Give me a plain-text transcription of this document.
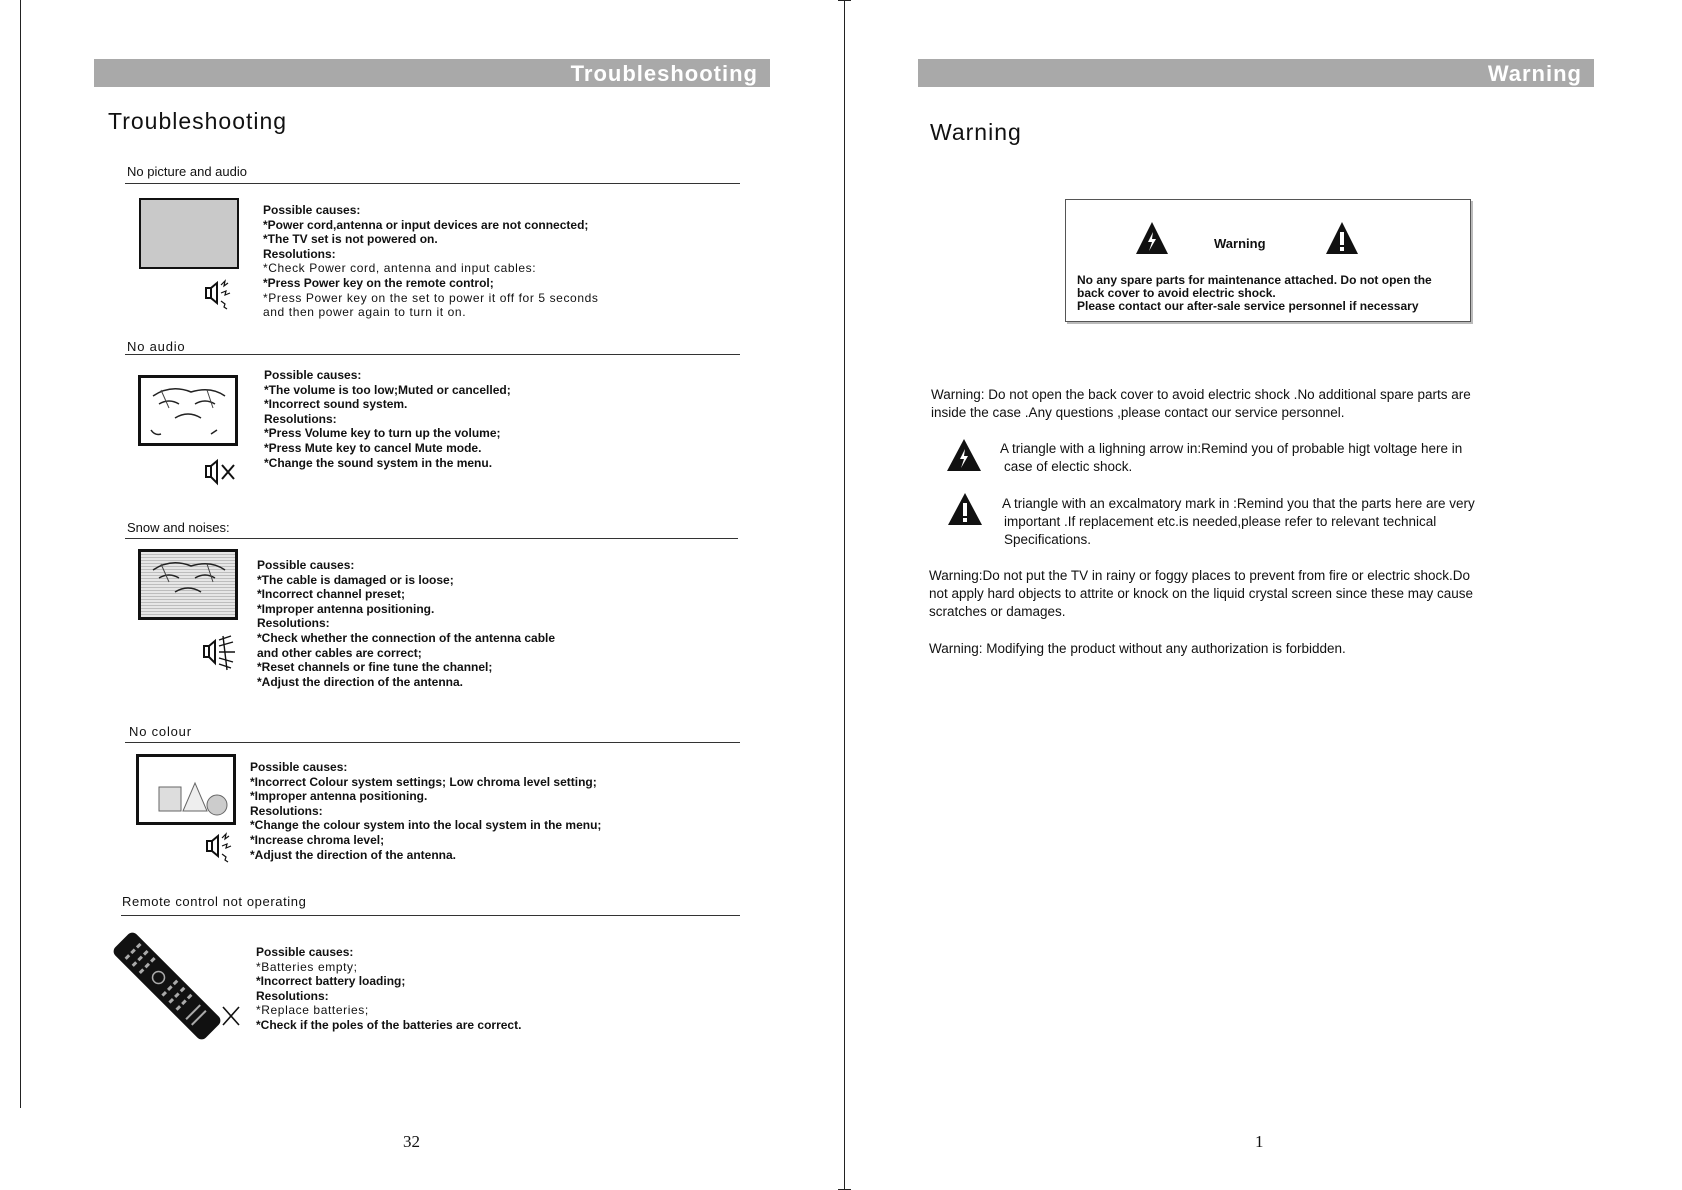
Troubleshooting
Troubleshooting
No picture and audio
Possible causes:
*Power cord,antenna or input devices are not connected;
*The TV set is not powered on.
Resolutions:
*Check Power cord, antenna and input cables:
*Press Power key on the remote control;
*Press Power key on the set to power it off for 5 seconds
and then power again to turn it on.
No audio
Possible causes:
*The volume is too low;Muted or cancelled;
*Incorrect sound system.
Resolutions:
*Press Volume key to turn up the volume;
*Press Mute key to cancel Mute mode.
*Change the sound system in the menu.
Snow and noises:
Possible causes:
*The cable is damaged or is loose;
*Incorrect channel preset;
*Improper antenna positioning.
Resolutions:
*Check whether the connection of the antenna cable
and other cables are correct;
*Reset channels or fine tune the channel;
*Adjust the direction of the antenna.
No colour
Possible causes:
*Incorrect Colour system settings; Low chroma level setting;
*Improper antenna positioning.
Resolutions:
*Change the colour system into the local system in the menu;
*Increase chroma level;
*Adjust the direction of the antenna.
Remote control not operating
Possible causes:
*Batteries empty;
*Incorrect battery loading;
Resolutions:
*Replace batteries;
*Check if the poles of the batteries are correct.
32
Warning
Warning
Warning
No any spare parts for maintenance attached. Do not open the
back cover to avoid electric shock.
Please contact our after-sale service personnel if necessary
Warning: Do not open the back cover to avoid electric shock .No additional spare parts are
inside the case .Any questions ,please contact our service personnel.
A triangle with a lighning arrow in:Remind you of probable higt voltage here in
case of electic shock.
A triangle with an excalmatory mark in :Remind you that the parts here are very
important .If replacement etc.is needed,please refer to relevant technical
Specifications.
Warning:Do not put the TV in rainy or foggy places to prevent from fire or electric shock.Do
not apply hard objects to attrite or knock on the liquid crystal screen since these may cause
scratches or damages.
Warning: Modifying the product without any authorization is forbidden.
1
